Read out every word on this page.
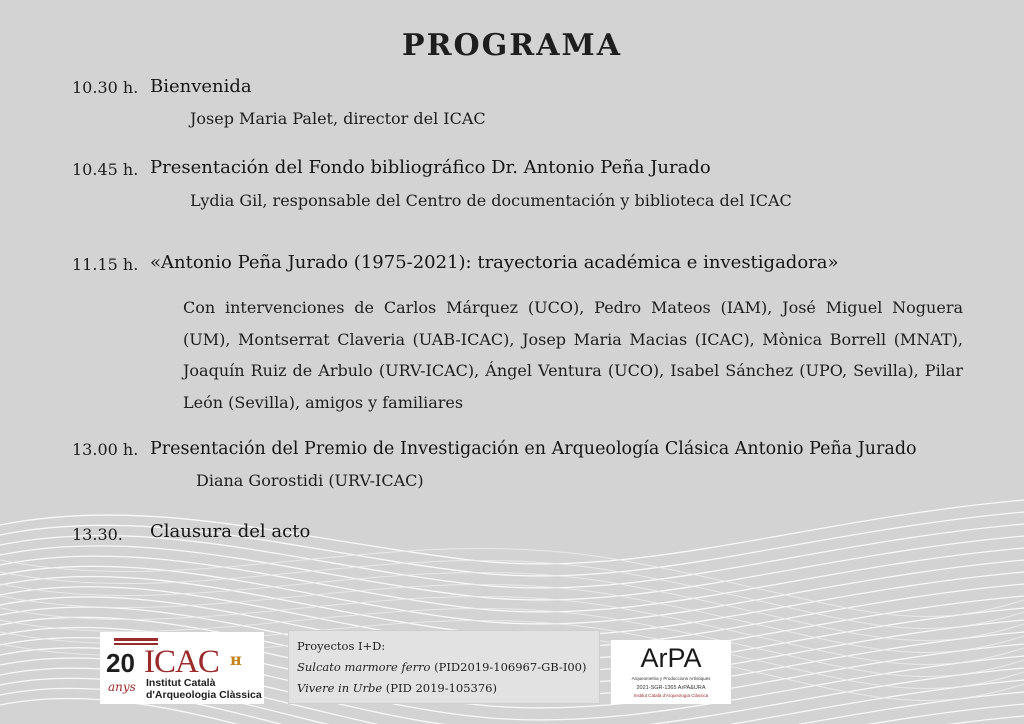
PROGRAMA
10.30 h. Bienvenida
Josep Maria Palet, director del ICAC
10.45 h. Presentación del Fondo bibliográfico Dr. Antonio Peña Jurado
Lydia Gil, responsable del Centro de documentación y biblioteca del ICAC
11.15 h. «Antonio Peña Jurado (1975-2021): trayectoria académica e investigadora»
Con intervenciones de Carlos Márquez (UCO), Pedro Mateos (IAM), José Miguel Noguera (UM), Montserrat Claveria (UAB-ICAC), Josep Maria Macias (ICAC), Mònica Borrell (MNAT), Joaquín Ruiz de Arbulo (URV-ICAC), Ángel Ventura (UCO), Isabel Sánchez (UPO, Sevilla), Pilar León (Sevilla), amigos y familiares
13.00 h. Presentación del Premio de Investigación en Arqueología Clásica Antonio Peña Jurado
Diana Gorostidi (URV-ICAC)
13.30. Clausura del acto
20 ICAC ʜ
anys Institut Català
d'Arqueologia Clàssica
Proyectos I+D:
Sulcato marmore ferro (PID2019-106967-GB-I00)
Vivere in Urbe (PID 2019-105376)
ArPA
Arqueometria y Produccions Artístiques
2021-SGR-1365 ArPA&URA
Institut Català d'Arqueologia Clàssica
